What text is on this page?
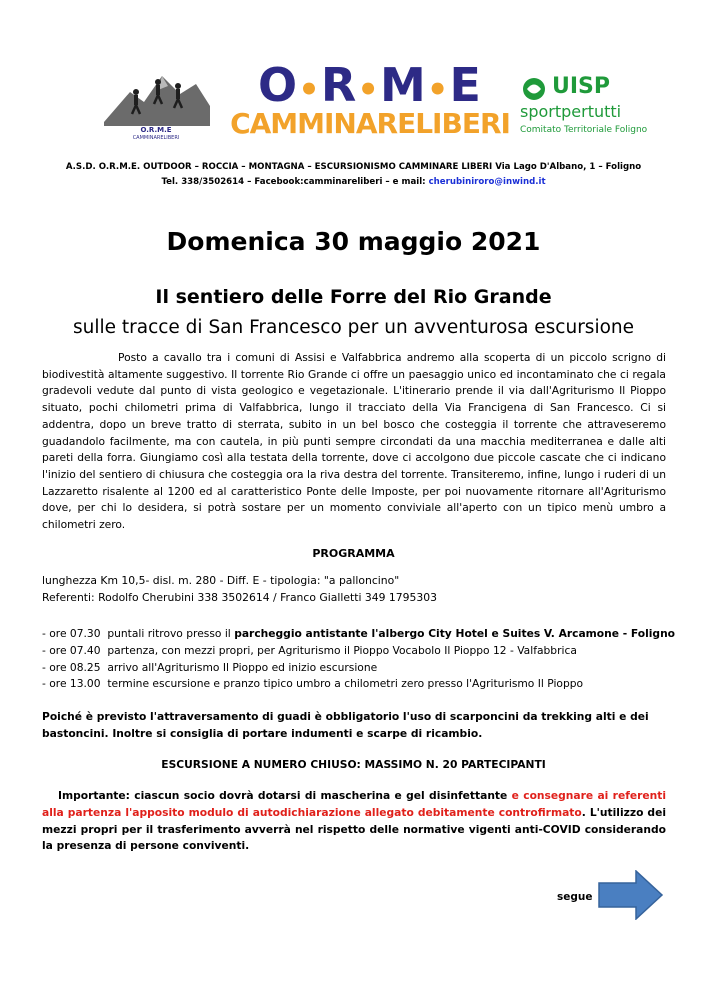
O.R.M.E
CAMMINARELIBERI
O•R•M•E
CAMMINARELIBERI
UISP
sportpertutti
Comitato Territoriale Foligno
A.S.D. O.R.M.E. OUTDOOR – ROCCIA – MONTAGNA – ESCURSIONISMO CAMMINARE LIBERI Via Lago D'Albano, 1 – Foligno
Tel. 338/3502614 – Facebook:camminareliberi – e mail: cherubiniroro@inwind.it
Domenica 30 maggio 2021
Il sentiero delle Forre del Rio Grande
sulle tracce di San Francesco per un avventurosa escursione

Posto a cavallo tra i comuni di Assisi e Valfabbrica andremo alla scoperta di un piccolo scrigno di biodivestità altamente suggestivo. Il torrente Rio Grande ci offre un paesaggio unico ed incontaminato che ci regala gradevoli vedute dal punto di vista geologico e vegetazionale. L'itinerario prende il via dall'Agriturismo Il Pioppo situato, pochi chilometri prima di Valfabbrica, lungo il tracciato della Via Francigena di San Francesco. Ci si addentra, dopo un breve tratto di sterrata, subito in un bel bosco che costeggia il torrente che attraveseremo guadandolo facilmente, ma con cautela, in più punti sempre circondati da una macchia mediterranea e dalle alti pareti della forra. Giungiamo così alla testata della torrente, dove ci accolgono due piccole cascate che ci indicano l'inizio del sentiero di chiusura che costeggia ora la riva destra del torrente. Transiteremo, infine, lungo i ruderi di un Lazzaretto risalente al 1200 ed al caratteristico Ponte delle Imposte, per poi nuovamente ritornare all'Agriturismo dove, per chi lo desidera, si potrà sostare per un momento conviviale all'aperto con un tipico menù umbro a chilometri zero.

PROGRAMMA
lunghezza Km 10,5- disl. m. 280 - Diff. E - tipologia: "a palloncino"
Referenti: Rodolfo Cherubini 338 3502614 / Franco Gialletti 349 1795303
- ore 07.30 puntali ritrovo presso il parcheggio antistante l'albergo City Hotel e Suites V. Arcamone - Foligno
- ore 07.40 partenza, con mezzi propri, per Agriturismo il Pioppo Vocabolo Il Pioppo 12 - Valfabbrica
- ore 08.25 arrivo all'Agriturismo Il Pioppo ed inizio escursione
- ore 13.00 termine escursione e pranzo tipico umbro a chilometri zero presso l'Agriturismo Il Pioppo
Poiché è previsto l'attraversamento di guadi è obbligatorio l'uso di scarponcini da trekking alti e dei bastoncini. Inoltre si consiglia di portare indumenti e scarpe di ricambio.
ESCURSIONE A NUMERO CHIUSO: MASSIMO N. 20 PARTECIPANTI
Importante: ciascun socio dovrà dotarsi di mascherina e gel disinfettante e consegnare ai referenti alla partenza l'apposito modulo di autodichiarazione allegato debitamente controfirmato. L'utilizzo dei mezzi propri per il trasferimento avverrà nel rispetto delle normative vigenti anti-COVID considerando la presenza di persone conviventi.
segue
